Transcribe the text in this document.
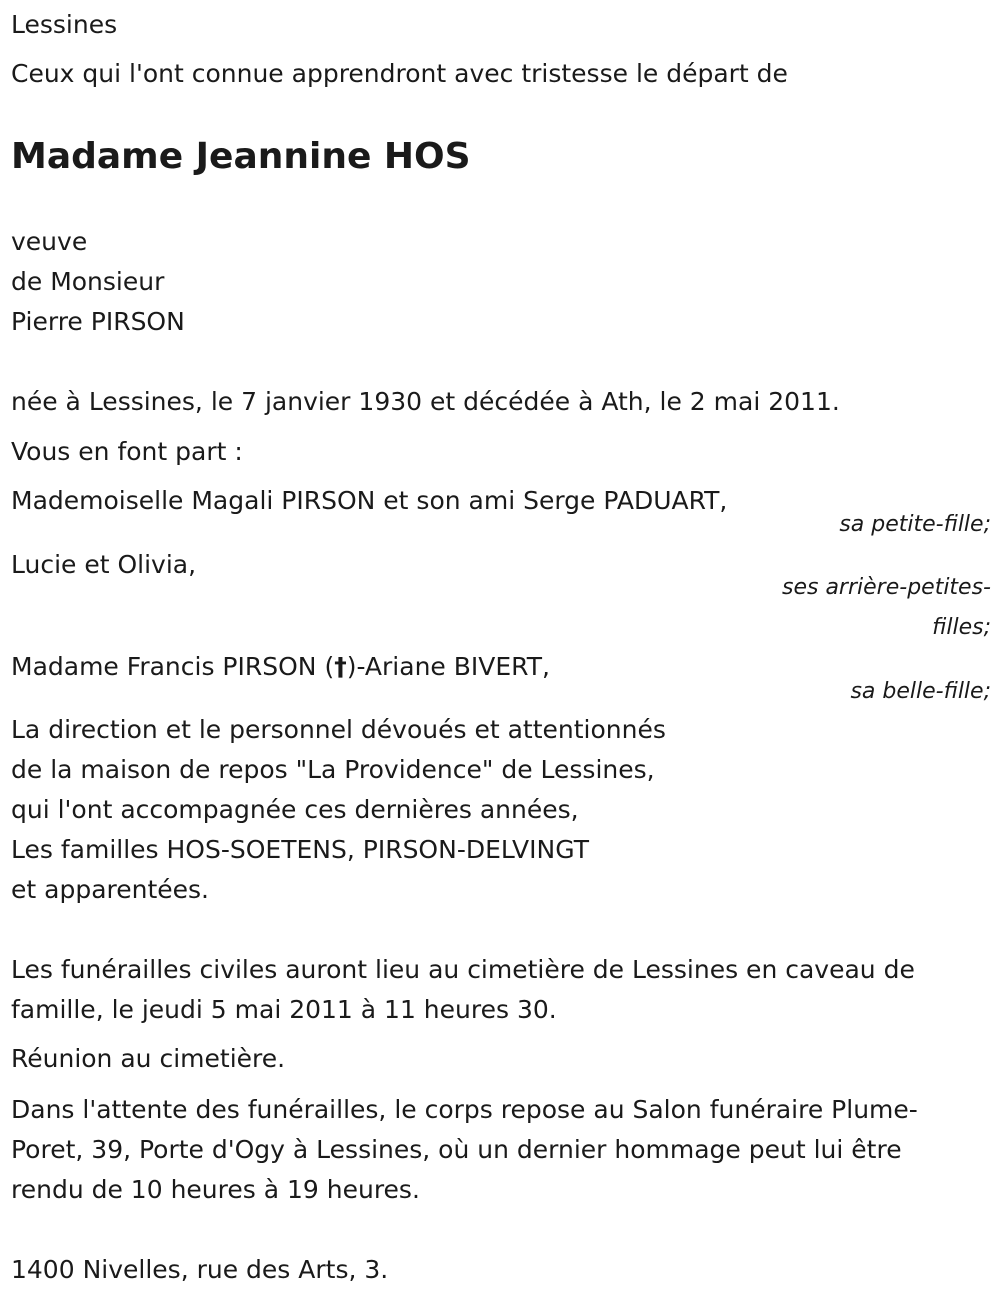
Lessines
Ceux qui l'ont connue apprendront avec tristesse le départ de
Madame Jeannine HOS
veuve
de Monsieur
Pierre PIRSON
née à Lessines, le 7 janvier 1930 et décédée à Ath, le 2 mai 2011.
Vous en font part :
Mademoiselle Magali PIRSON et son ami Serge PADUART,
sa petite-fille;
Lucie et Olivia,
ses arrière-petites-
filles;
Madame Francis PIRSON (†)-Ariane BIVERT,
sa belle-fille;
La direction et le personnel dévoués et attentionnés
de la maison de repos "La Providence" de Lessines,
qui l'ont accompagnée ces dernières années,
Les familles HOS-SOETENS, PIRSON-DELVINGT
et apparentées.
Les funérailles civiles auront lieu au cimetière de Lessines en caveau de
famille, le jeudi 5 mai 2011 à 11 heures 30.
Réunion au cimetière.
Dans l'attente des funérailles, le corps repose au Salon funéraire Plume-
Poret, 39, Porte d'Ogy à Lessines, où un dernier hommage peut lui être
rendu de 10 heures à 19 heures.
1400 Nivelles, rue des Arts, 3.
